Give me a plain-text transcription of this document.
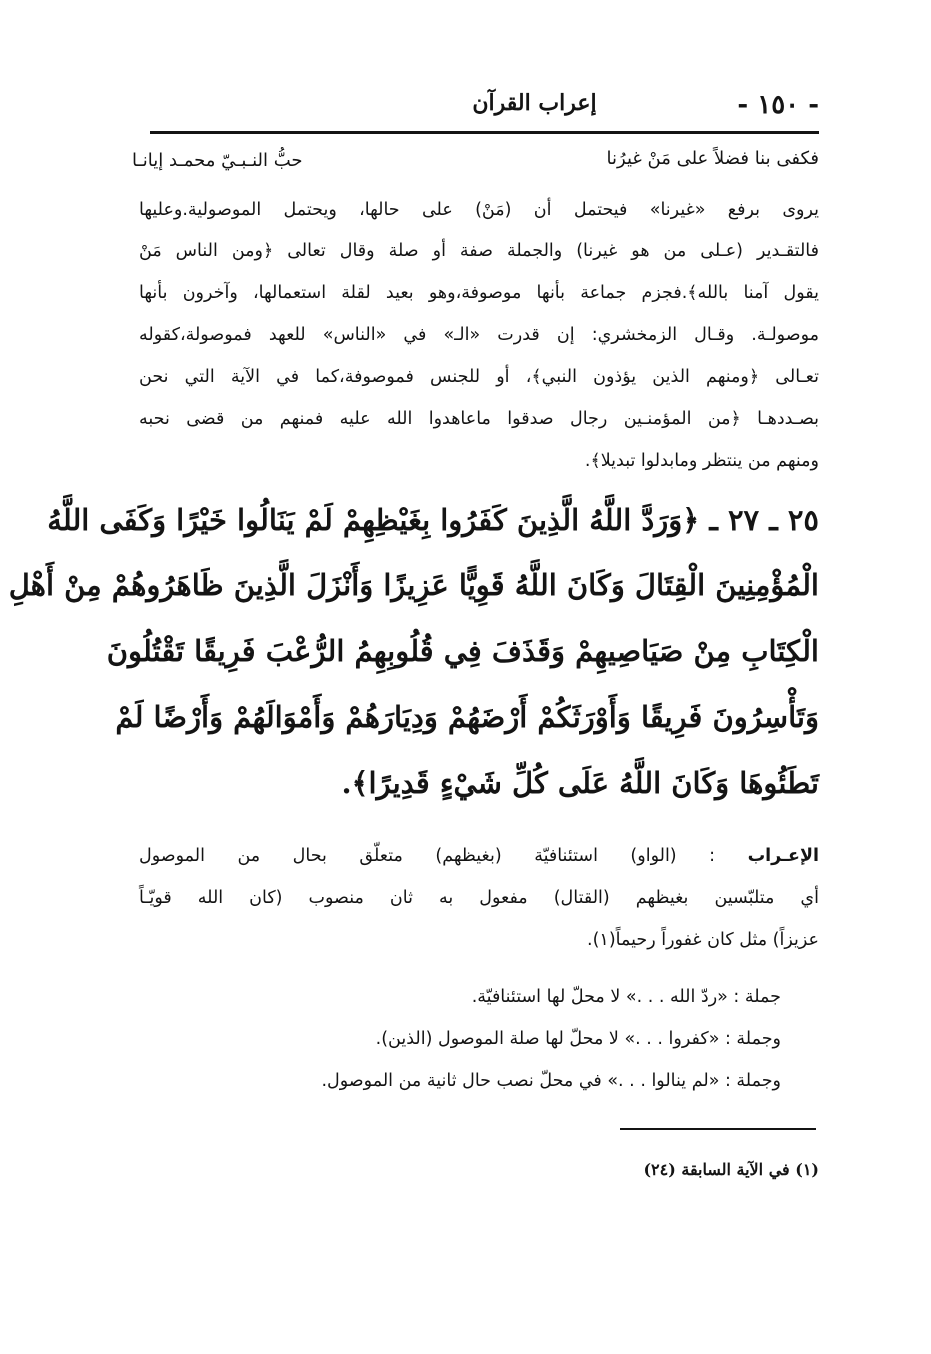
- ١٥٠ -
إعراب القرآن
فكفى بنا فضلاً على مَنْ غيرُنا
حبُّ النـبـيّ محمـد إيانـا
يروى برفع «غيرنا» فيحتمل أن (مَنْ) على حالها، ويحتمل الموصولية.وعليها
فالتقـدير (عـلى من هو غيرنا) والجملة صفة أو صلة وقال تعالى ﴿ومن الناس مَنْ
يقول آمنا بالله﴾.فجزم جماعة بأنها موصوفة،وهو بعيد لقلة استعمالها، وآخرون بأنها
موصولـة. وقـال الزمخشري: إن قدرت «الـ» في «الناس» للعهد فموصولة،كقوله
تعـالى ﴿ومنهم الذين يؤذون النبي﴾، أو للجنس فموصوفة،كما في الآية التي نحن
بصـددهـا ﴿من المؤمنـين رجال صدقوا ماعاهدوا الله عليه فمنهم من قضى نحبه
ومنهم من ينتظر ومابدلوا تبديلا﴾.
٢٥ ـ ٢٧ ـ ﴿وَرَدَّ اللَّهُ الَّذِينَ كَفَرُوا بِغَيْظِهِمْ لَمْ يَنَالُوا خَيْرًا وَكَفَى اللَّهُ
الْمُؤْمِنِينَ الْقِتَالَ وَكَانَ اللَّهُ قَوِيًّا عَزِيزًا وَأَنْزَلَ الَّذِينَ ظَاهَرُوهُمْ مِنْ أَهْلِ
الْكِتَابِ مِنْ صَيَاصِيهِمْ وَقَذَفَ فِي قُلُوبِهِمُ الرُّعْبَ فَرِيقًا تَقْتُلُونَ
وَتَأْسِرُونَ فَرِيقًا وَأَوْرَثَكُمْ أَرْضَهُمْ وَدِيَارَهُمْ وَأَمْوَالَهُمْ وَأَرْضًا لَمْ
تَطَئُوهَا وَكَانَ اللَّهُ عَلَى كُلِّ شَيْءٍ قَدِيرًا﴾.
الإعـراب : (الواو) استئنافيّة (بغيظهم) متعلّق بحال من الموصول
أي متلبّسين بغيظهم (القتال) مفعول به ثان منصوب (كان الله قويّـاً
عزيزاً) مثل كان غفوراً رحيماً(١).
جملة : «ردّ الله . . .» لا محلّ لها استئنافيّة.
وجملة : «كفروا . . .» لا محلّ لها صلة الموصول (الذين).
وجملة : «لم ينالوا . . .» في محلّ نصب حال ثانية من الموصول.
(١) في الآية السابقة (٢٤)
